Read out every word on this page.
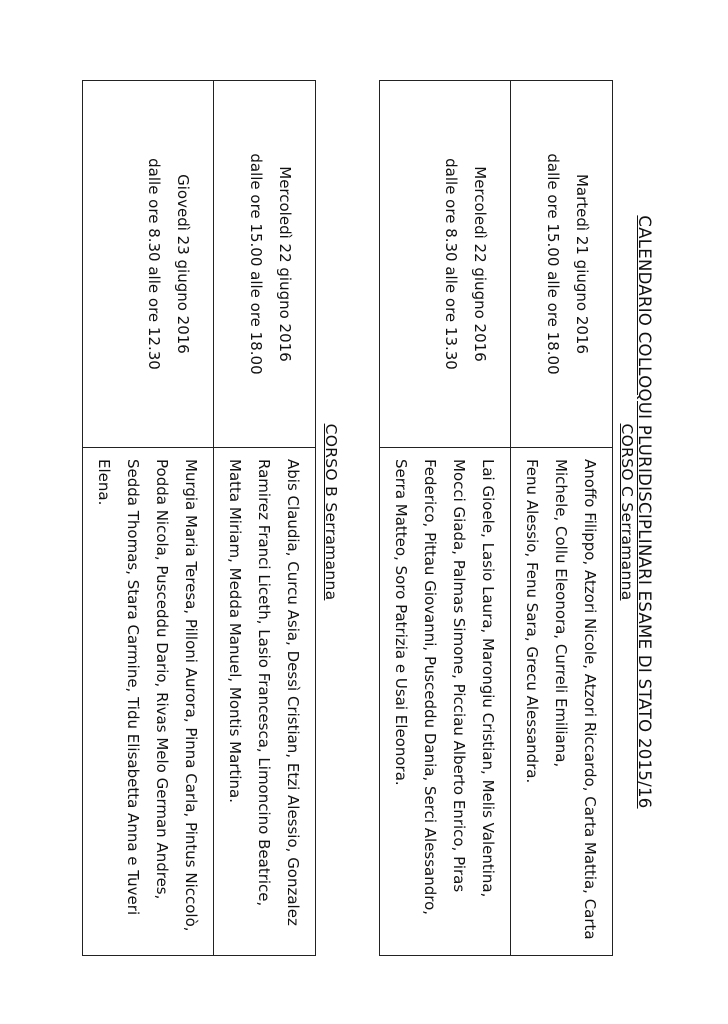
CALENDARIO COLLOQUI PLURIDISCIPLINARI ESAME DI STATO 2015/16
CORSO C Serramanna
Martedì 21 giugno 2016
dalle ore 15.00 alle ore 18.00	Anoffo Filippo, Atzori Nicole, Atzori Riccardo, Carta Mattia, Carta Michele, Collu Eleonora, Curreli Emiliana,
Fenu Alessio, Fenu Sara, Grecu Alessandra.

Mercoledì 22 giugno 2016
dalle ore 8.30 alle ore 13.30	Lai Gioele, Lasio Laura, Marongiu Cristian, Melis Valentina, Mocci Giada, Palmas Simone, Picciau Alberto Enrico, Piras Federico, Pittau Giovanni, Pusceddu Dania, Serci Alessandro, Serra Matteo, Soro Patrizia e Usai Eleonora.
CORSO B Serramanna
Mercoledì 22 giugno 2016
dalle ore 15.00 alle ore 18.00	Abis Claudia, Curcu Asia, Dessì Cristian, Etzi Alessio, Gonzalez Ramirez Franci Liceth, Lasio Francesca, Limoncino Beatrice, Matta Miriam, Medda Manuel, Montis Martina.

Giovedì 23 giugno 2016
dalle ore 8.30 alle ore 12.30	Murgia Maria Teresa, Pilloni Aurora, Pinna Carla, Pintus Niccolò, Podda Nicola, Pusceddu Dario, Rivas Melo German Andres, Sedda Thomas, Stara Carmine, Tidu Elisabetta Anna e Tuveri Elena.
